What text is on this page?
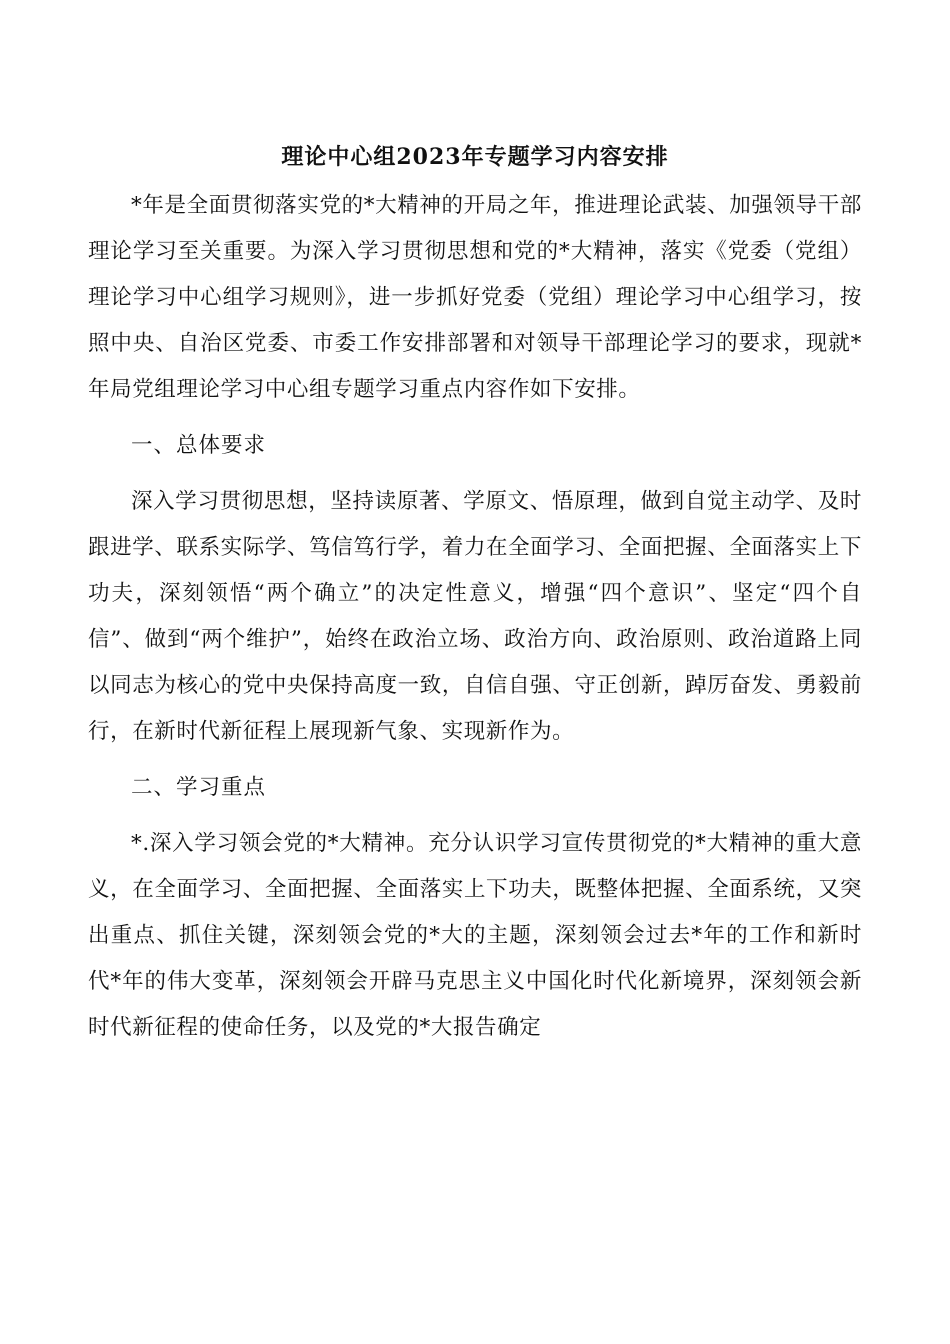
理论中心组2023年专题学习内容安排

*年是全面贯彻落实党的*大精神的开局之年，推进理论武装、加强领导干部理论学习至关重要。为深入学习贯彻思想和党的*大精神，落实《党委（党组）理论学习中心组学习规则》，进一步抓好党委（党组）理论学习中心组学习，按照中央、自治区党委、市委工作安排部署和对领导干部理论学习的要求，现就*年局党组理论学习中心组专题学习重点内容作如下安排。

一、总体要求

深入学习贯彻思想，坚持读原著、学原文、悟原理，做到自觉主动学、及时跟进学、联系实际学、笃信笃行学，着力在全面学习、全面把握、全面落实上下功夫，深刻领悟“两个确立”的决定性意义，增强“四个意识”、坚定“四个自信”、做到“两个维护”，始终在政治立场、政治方向、政治原则、政治道路上同以同志为核心的党中央保持高度一致，自信自强、守正创新，踔厉奋发、勇毅前行，在新时代新征程上展现新气象、实现新作为。

二、学习重点

*.深入学习领会党的*大精神。充分认识学习宣传贯彻党的*大精神的重大意义，在全面学习、全面把握、全面落实上下功夫，既整体把握、全面系统，又突出重点、抓住关键，深刻领会党的*大的主题，深刻领会过去*年的工作和新时代*年的伟大变革，深刻领会开辟马克思主义中国化时代化新境界，深刻领会新时代新征程的使命任务，以及党的*大报告确定
